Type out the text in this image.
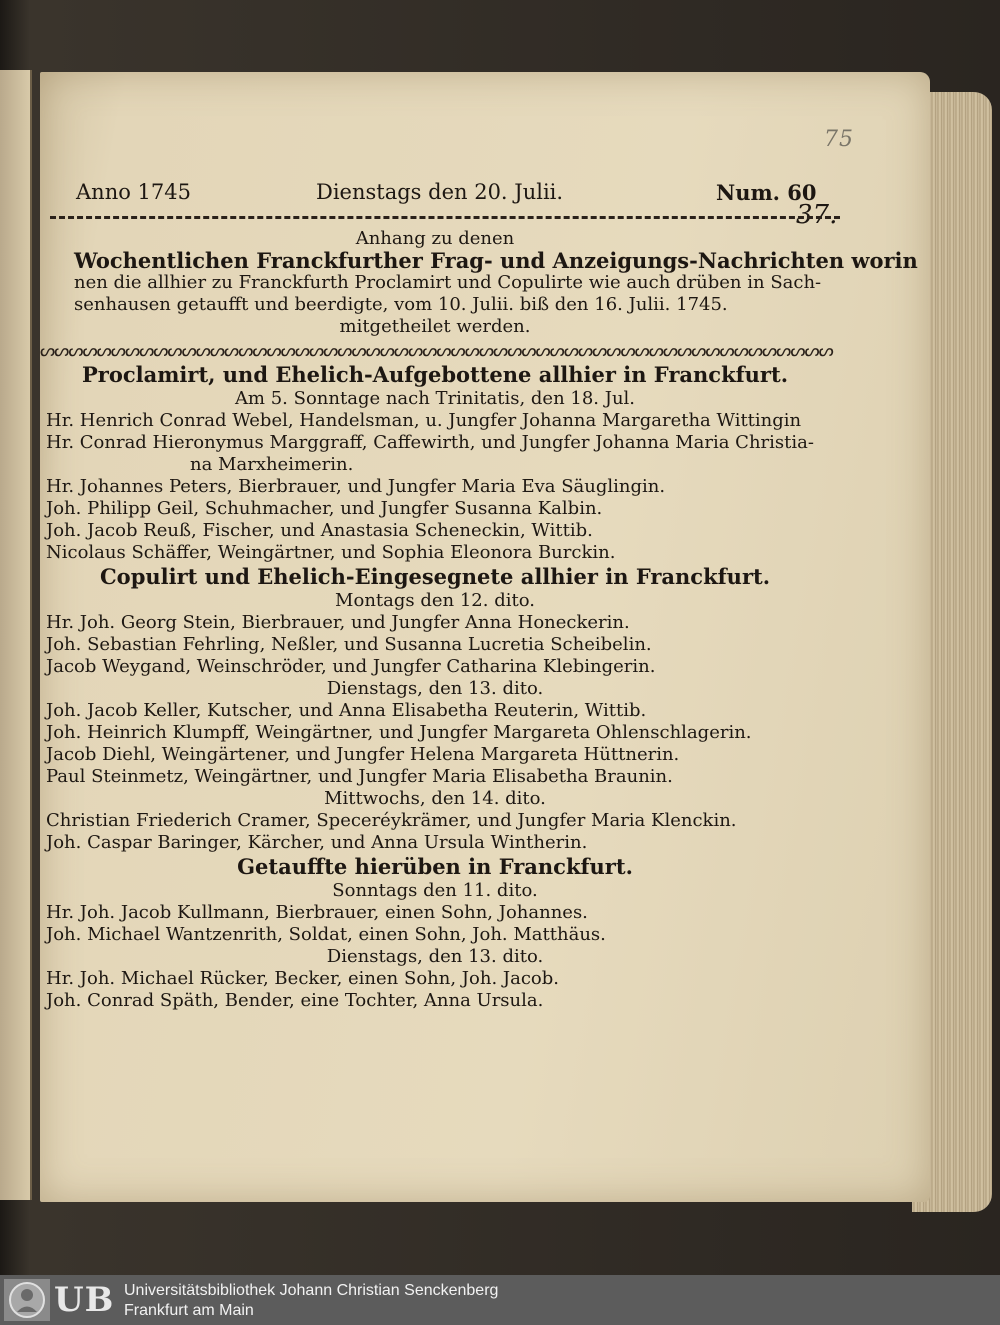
75
Anno 1745	Dienstags den 20. Julii.	Num. 60
37.
Anhang zu denen
Wochentlichen Franckfurther Frag- und Anzeigungs-Nachrichten worin
nen die allhier zu Franckfurth Proclamirt und Copulirte wie auch drüben in Sach-
senhausen getaufft und beerdigte, vom 10. Julii. biß den 16. Julii. 1745.
mitgetheilet werden.
ᔕᔕᔕᔕᔕᔕᔕᔕᔕᔕᔕᔕᔕᔕᔕᔕᔕᔕᔕᔕᔕᔕᔕᔕᔕᔕᔕᔕᔕᔕᔕᔕᔕᔕᔕᔕᔕᔕᔕᔕᔕᔕᔕᔕᔕᔕᔕᔕᔕᔕᔕᔕᔕᔕᔕᔕ
Proclamirt, und Ehelich-Aufgebottene allhier in Franckfurt.
Am 5. Sonntage nach Trinitatis, den 18. Jul.
Hr. Henrich Conrad Webel, Handelsman, u. Jungfer Johanna Margaretha Wittingin
Hr. Conrad Hieronymus Marggraff, Caffewirth, und Jungfer Johanna Maria Christia-
na Marxheimerin.
Hr. Johannes Peters, Bierbrauer, und Jungfer Maria Eva Säuglingin.
Joh. Philipp Geil, Schuhmacher, und Jungfer Susanna Kalbin.
Joh. Jacob Reuß, Fischer, und Anastasia Scheneckin, Wittib.
Nicolaus Schäffer, Weingärtner, und Sophia Eleonora Burckin.
Copulirt und Ehelich-Eingesegnete allhier in Franckfurt.
Montags den 12. dito.
Hr. Joh. Georg Stein, Bierbrauer, und Jungfer Anna Honeckerin.
Joh. Sebastian Fehrling, Neßler, und Susanna Lucretia Scheibelin.
Jacob Weygand, Weinschröder, und Jungfer Catharina Klebingerin.
Dienstags, den 13. dito.
Joh. Jacob Keller, Kutscher, und Anna Elisabetha Reuterin, Wittib.
Joh. Heinrich Klumpff, Weingärtner, und Jungfer Margareta Ohlenschlagerin.
Jacob Diehl, Weingärtener, und Jungfer Helena Margareta Hüttnerin.
Paul Steinmetz, Weingärtner, und Jungfer Maria Elisabetha Braunin.
Mittwochs, den 14. dito.
Christian Friederich Cramer, Speceréykrämer, und Jungfer Maria Klenckin.
Joh. Caspar Baringer, Kärcher, und Anna Ursula Wintherin.
Getauffte hierüben in Franckfurt.
Sonntags den 11. dito.
Hr. Joh. Jacob Kullmann, Bierbrauer, einen Sohn, Johannes.
Joh. Michael Wantzenrith, Soldat, einen Sohn, Joh. Matthäus.
Dienstags, den 13. dito.
Hr. Joh. Michael Rücker, Becker, einen Sohn, Joh. Jacob.
Joh. Conrad Späth, Bender, eine Tochter, Anna Ursula.
UB Universitätsbibliothek Johann Christian Senckenberg
Frankfurt am Main
